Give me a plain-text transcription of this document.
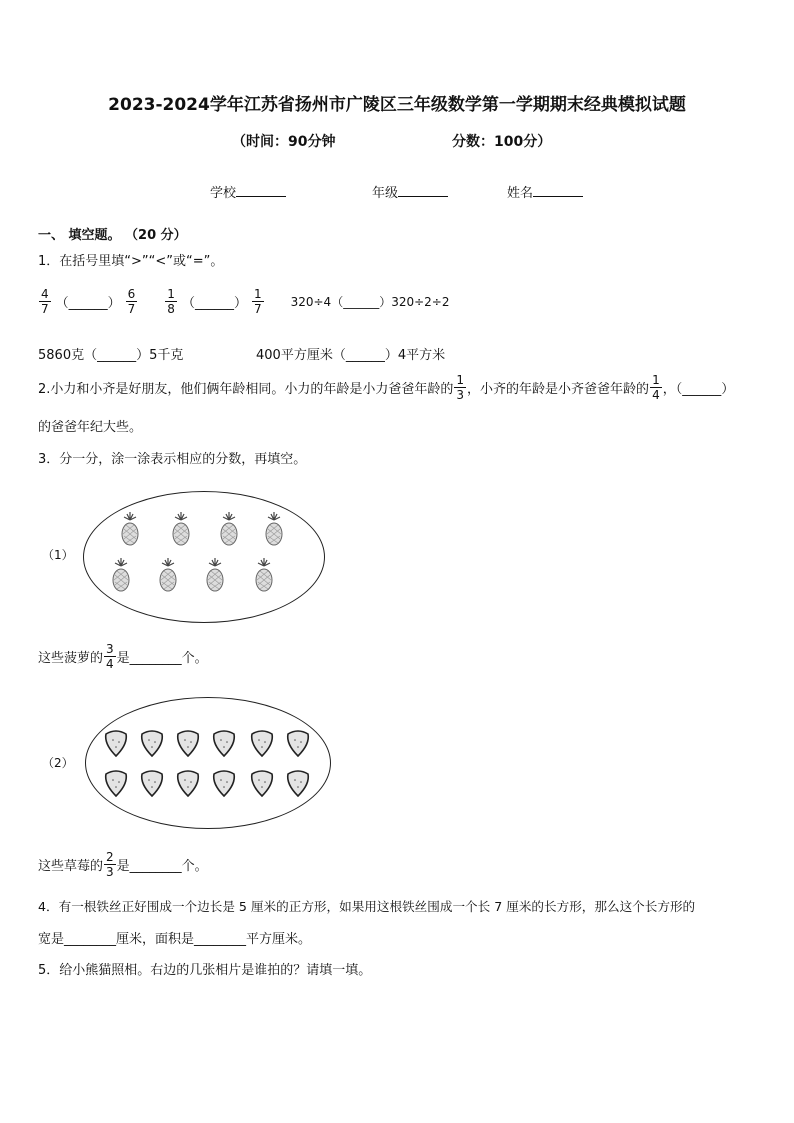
2023-2024学年江苏省扬州市广陵区三年级数学第一学期期末经典模拟试题
（时间：90分钟	分数：100分）
学校	年级	姓名
一、 填空题。 （20 分）
1．在括号里填“>”“<”或“=”。
$\frac{4}{7}$ （______） $\frac{6}{7} \frac{1}{8}$ （______） $\frac{1}{7}$ 320÷4（______）320÷2÷2
5860克（______）5千克	400平方厘米（______）4平方米
2.小力和小齐是好朋友，他们俩年龄相同。小力的年龄是小力爸爸年龄的 $\frac{1}{3}$ ，小齐的年龄是小齐爸爸年龄的 $\frac{1}{4}$ ，（______）
的爸爸年纪大些。
3．分一分，涂一涂表示相应的分数，再填空。
（1）
这些菠萝的 $\frac{3}{4}$ 是________个。
（2）
这些草莓的 $\frac{2}{3}$ 是________个。
4．有一根铁丝正好围成一个边长是 5 厘米的正方形，如果用这根铁丝围成一个长 7 厘米的长方形，那么这个长方形的
宽是________厘米，面积是________平方厘米。
5．给小熊猫照相。右边的几张相片是谁拍的？请填一填。
